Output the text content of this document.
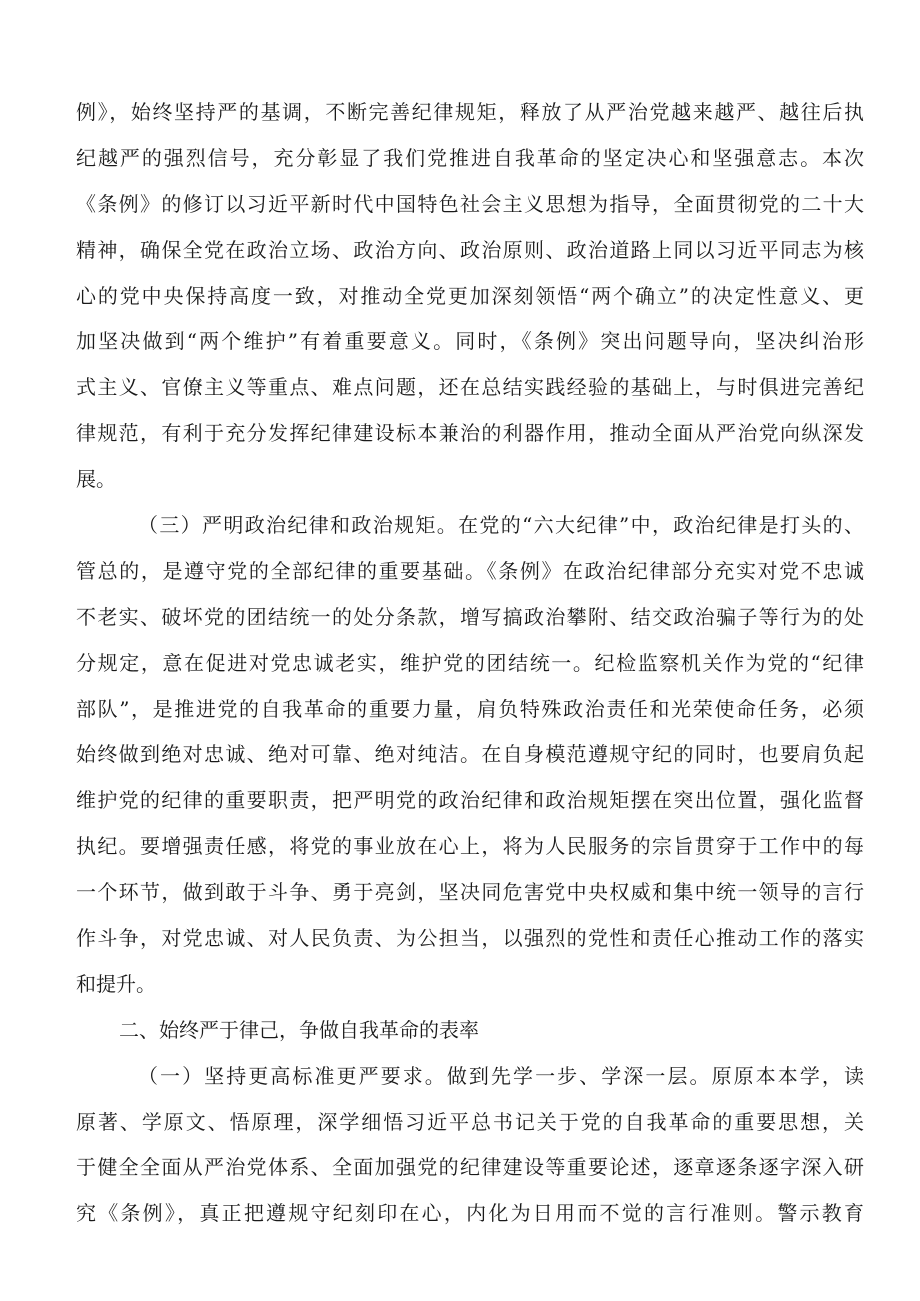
例》，始终坚持严的基调，不断完善纪律规矩，释放了从严治党越来越严、越往后执
纪越严的强烈信号，充分彰显了我们党推进自我革命的坚定决心和坚强意志。本次
《条例》的修订以习近平新时代中国特色社会主义思想为指导，全面贯彻党的二十大
精神，确保全党在政治立场、政治方向、政治原则、政治道路上同以习近平同志为核
心的党中央保持高度一致，对推动全党更加深刻领悟“两个确立”的决定性意义、更
加坚决做到“两个维护”有着重要意义。同时，《条例》突出问题导向，坚决纠治形
式主义、官僚主义等重点、难点问题，还在总结实践经验的基础上，与时俱进完善纪
律规范，有利于充分发挥纪律建设标本兼治的利器作用，推动全面从严治党向纵深发
展。
（三）严明政治纪律和政治规矩。在党的“六大纪律”中，政治纪律是打头的、
管总的，是遵守党的全部纪律的重要基础。《条例》在政治纪律部分充实对党不忠诚
不老实、破坏党的团结统一的处分条款，增写搞政治攀附、结交政治骗子等行为的处
分规定，意在促进对党忠诚老实，维护党的团结统一。纪检监察机关作为党的“纪律
部队”，是推进党的自我革命的重要力量，肩负特殊政治责任和光荣使命任务，必须
始终做到绝对忠诚、绝对可靠、绝对纯洁。在自身模范遵规守纪的同时，也要肩负起
维护党的纪律的重要职责，把严明党的政治纪律和政治规矩摆在突出位置，强化监督
执纪。要增强责任感，将党的事业放在心上，将为人民服务的宗旨贯穿于工作中的每
一个环节，做到敢于斗争、勇于亮剑，坚决同危害党中央权威和集中统一领导的言行
作斗争，对党忠诚、对人民负责、为公担当，以强烈的党性和责任心推动工作的落实
和提升。
二、始终严于律己，争做自我革命的表率
（一）坚持更高标准更严要求。做到先学一步、学深一层。原原本本学，读
原著、学原文、悟原理，深学细悟习近平总书记关于党的自我革命的重要思想，关
于健全全面从严治党体系、全面加强党的纪律建设等重要论述，逐章逐条逐字深入研
究《条例》，真正把遵规守纪刻印在心，内化为日用而不觉的言行准则。警示教育
